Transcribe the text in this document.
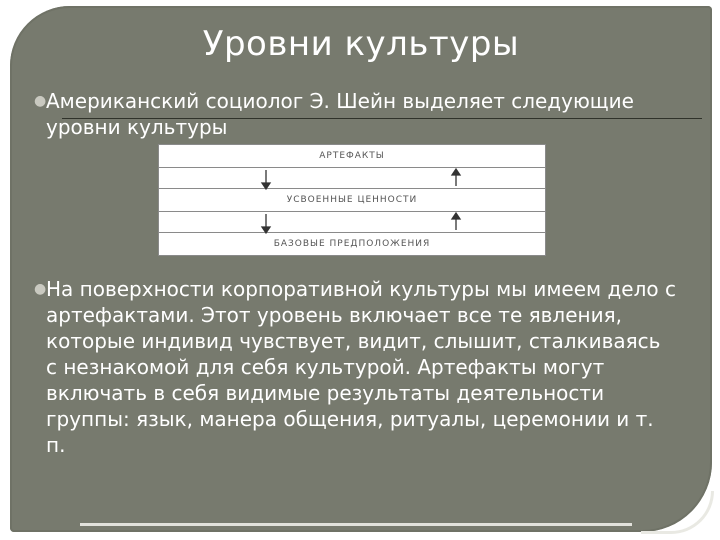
Уровни культуры
● Американский социолог Э. Шейн выделяет следующие уровни культуры
АРТЕФАКТЫ
УСВОЕННЫЕ ЦЕННОСТИ
БАЗОВЫЕ ПРЕДПОЛОЖЕНИЯ
● На поверхности корпоративной культуры мы имеем дело с артефактами. Этот уровень включает все те явления, которые индивид чувствует, видит, слышит, сталкиваясь с незнакомой для себя культурой. Артефакты могут включать в себя видимые результаты деятельности группы: язык, манера общения, ритуалы, церемонии и т. п.
